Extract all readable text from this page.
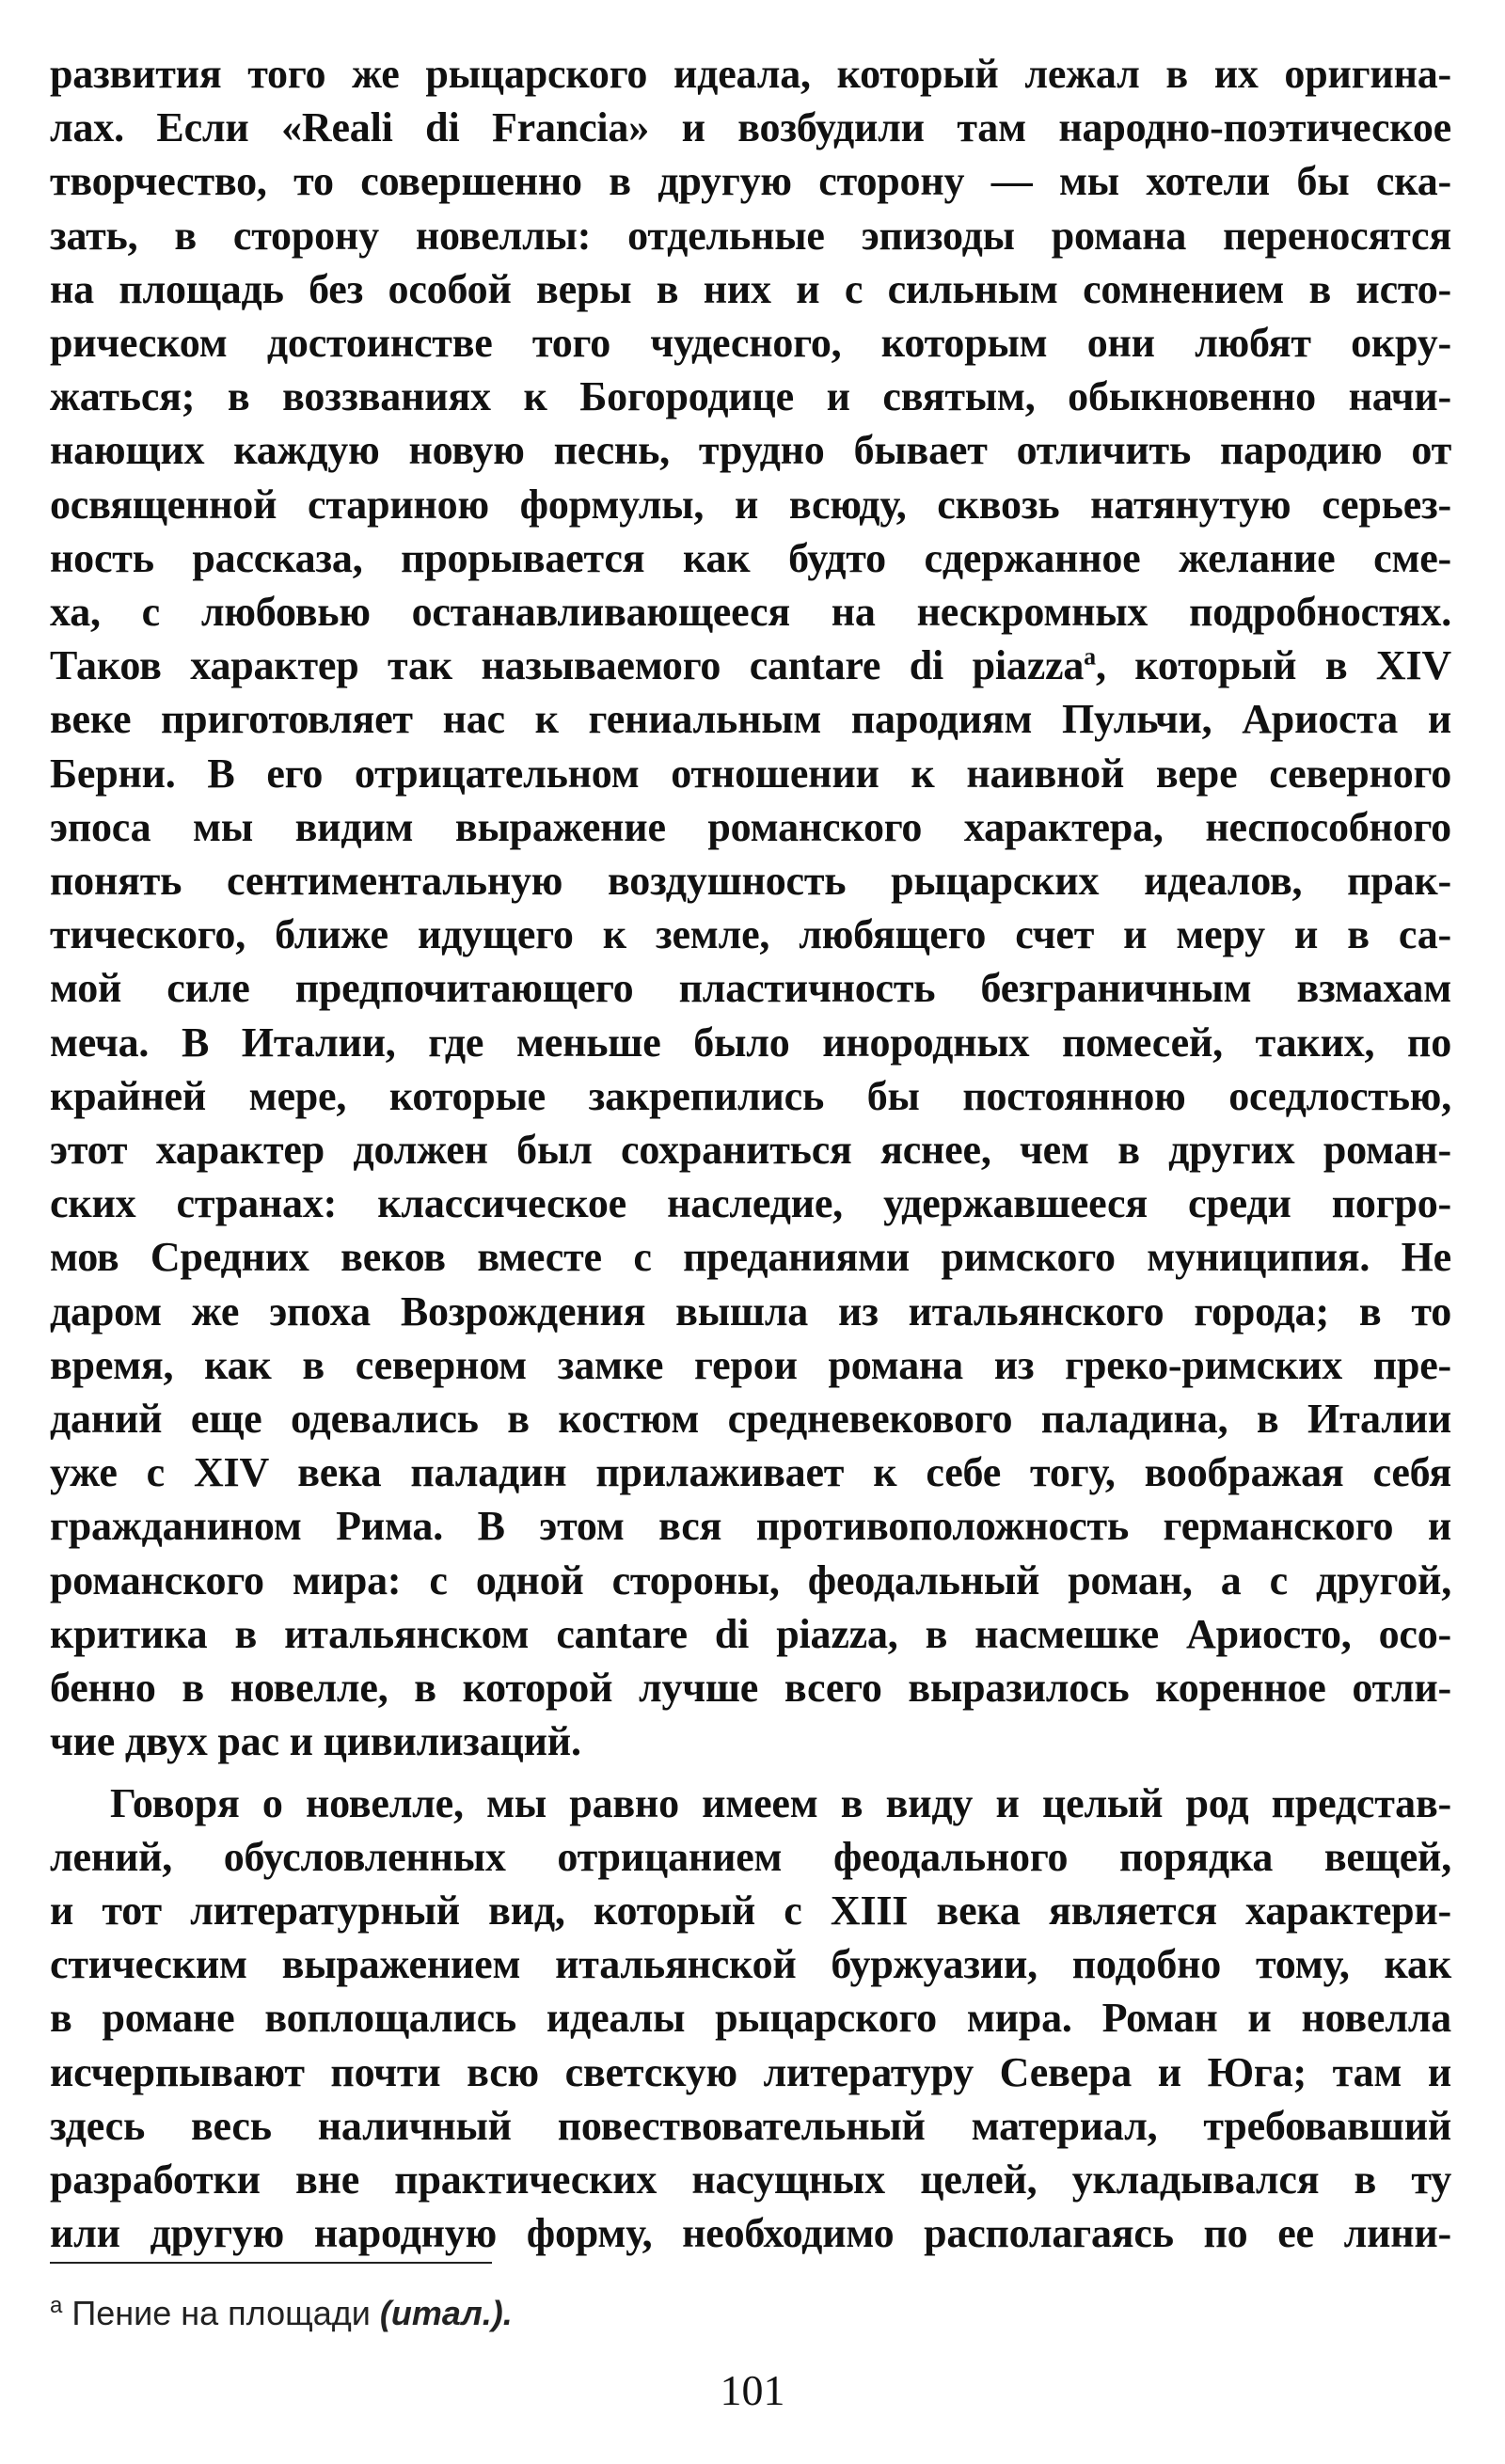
развития того же рыцарского идеала, который лежал в их оригина-
лах. Если «Reali di Francia» и возбудили там народно-поэтическое
творчество, то совершенно в другую сторону — мы хотели бы ска-
зать, в сторону новеллы: отдельные эпизоды романа переносятся
на площадь без особой веры в них и с сильным сомнением в исто-
рическом достоинстве того чудесного, которым они любят окру-
жаться; в воззваниях к Богородице и святым, обыкновенно начи-
нающих каждую новую песнь, трудно бывает отличить пародию от
освященной стариною формулы, и всюду, сквозь натянутую серьез-
ность рассказа, прорывается как будто сдержанное желание сме-
ха, с любовью останавливающееся на нескромных подробностях.
Таков характер так называемого cantare di piazza$^a$, который в XIV
веке приготовляет нас к гениальным пародиям Пульчи, Ариоста и
Берни. В его отрицательном отношении к наивной вере северного
эпоса мы видим выражение романского характера, неспособного
понять сентиментальную воздушность рыцарских идеалов, прак-
тического, ближе идущего к земле, любящего счет и меру и в са-
мой силе предпочитающего пластичность безграничным взмахам
меча. В Италии, где меньше было инородных помесей, таких, по
крайней мере, которые закрепились бы постоянною оседлостью,
этот характер должен был сохраниться яснее, чем в других роман-
ских странах: классическое наследие, удержавшееся среди погро-
мов Средних веков вместе с преданиями римского муниципия. Не
даром же эпоха Возрождения вышла из итальянского города; в то
время, как в северном замке герои романа из греко-римских пре-
даний еще одевались в костюм средневекового паладина, в Италии
уже с XIV века паладин прилаживает к себе тогу, воображая себя
гражданином Рима. В этом вся противоположность германского и
романского мира: с одной стороны, феодальный роман, а с другой,
критика в итальянском cantare di piazza, в насмешке Ариосто, осо-
бенно в новелле, в которой лучше всего выразилось коренное отли-
чие двух рас и цивилизаций.
Говоря о новелле, мы равно имеем в виду и целый род представ-
лений, обусловленных отрицанием феодального порядка вещей,
и тот литературный вид, который с XIII века является характери-
стическим выражением итальянской буржуазии, подобно тому, как
в романе воплощались идеалы рыцарского мира. Роман и новелла
исчерпывают почти всю светскую литературу Севера и Юга; там и
здесь весь наличный повествовательный материал, требовавший
разработки вне практических насущных целей, укладывался в ту
или другую народную форму, необходимо располагаясь по ее лини-
$^a$ Пение на площади (итал.).
101
